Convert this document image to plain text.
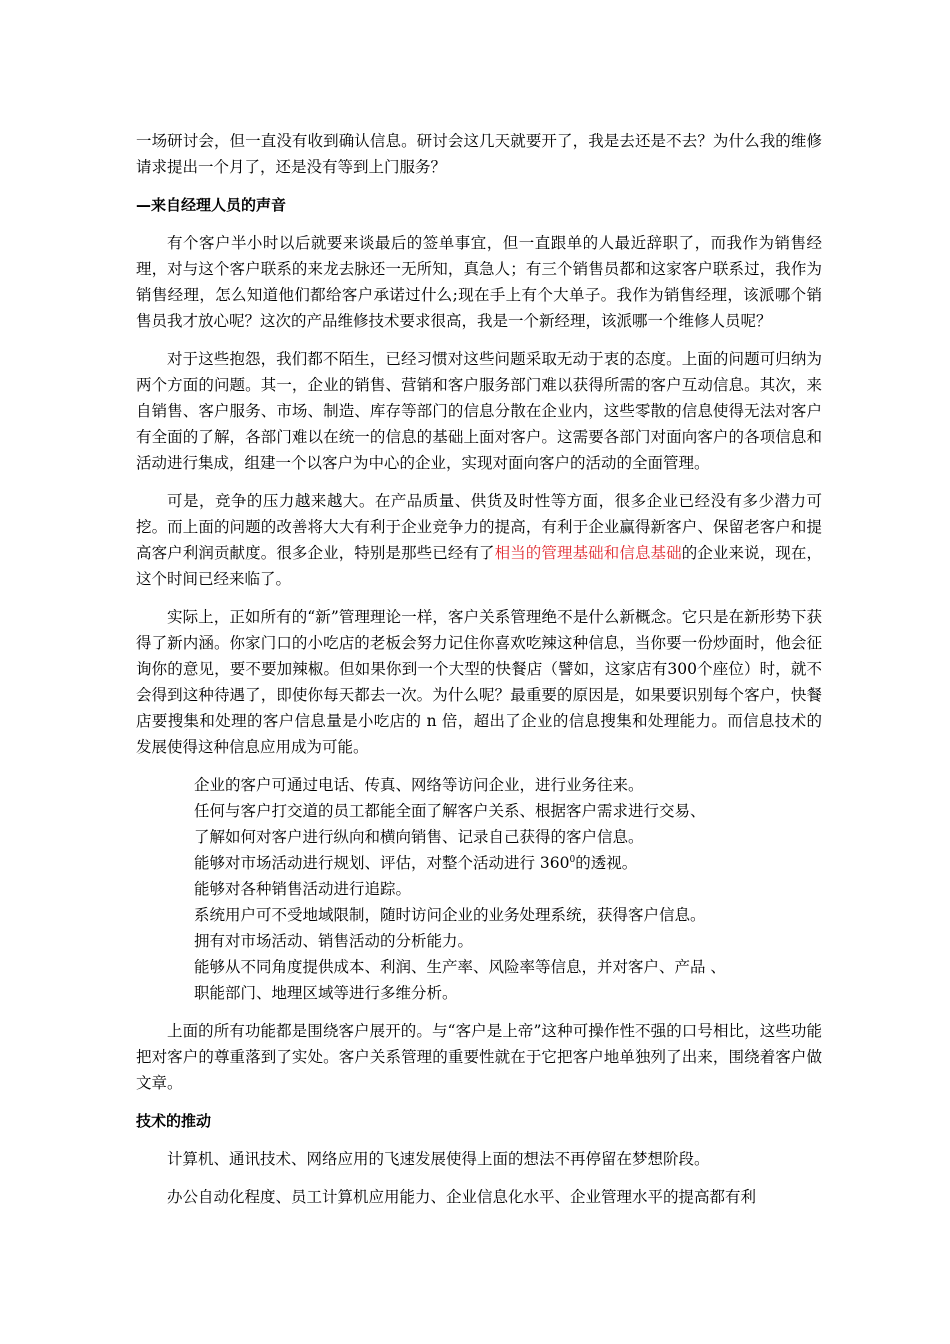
一场研讨会，但一直没有收到确认信息。研讨会这几天就要开了，我是去还是不去？为什么我的维修请求提出一个月了，还是没有等到上门服务？

—来自经理人员的声音

有个客户半小时以后就要来谈最后的签单事宜，但一直跟单的人最近辞职了，而我作为销售经理，对与这个客户联系的来龙去脉还一无所知，真急人；有三个销售员都和这家客户联系过，我作为销售经理，怎么知道他们都给客户承诺过什么;现在手上有个大单子。我作为销售经理，该派哪个销售员我才放心呢？这次的产品维修技术要求很高，我是一个新经理，该派哪一个维修人员呢？

对于这些抱怨，我们都不陌生，已经习惯对这些问题采取无动于衷的态度。上面的问题可归纳为两个方面的问题。其一，企业的销售、营销和客户服务部门难以获得所需的客户互动信息。其次，来自销售、客户服务、市场、制造、库存等部门的信息分散在企业内，这些零散的信息使得无法对客户有全面的了解，各部门难以在统一的信息的基础上面对客户。这需要各部门对面向客户的各项信息和活动进行集成，组建一个以客户为中心的企业，实现对面向客户的活动的全面管理。

可是，竞争的压力越来越大。在产品质量、供货及时性等方面，很多企业已经没有多少潜力可挖。而上面的问题的改善将大大有利于企业竞争力的提高，有利于企业赢得新客户、保留老客户和提高客户利润贡献度。很多企业，特别是那些已经有了相当的管理基础和信息基础的企业来说，现在，这个时间已经来临了。

实际上，正如所有的“新”管理理论一样，客户关系管理绝不是什么新概念。它只是在新形势下获得了新内涵。你家门口的小吃店的老板会努力记住你喜欢吃辣这种信息，当你要一份炒面时，他会征询你的意见，要不要加辣椒。但如果你到一个大型的快餐店（譬如，这家店有300个座位）时，就不会得到这种待遇了，即使你每天都去一次。为什么呢？最重要的原因是，如果要识别每个客户，快餐店要搜集和处理的客户信息量是小吃店的 n 倍，超出了企业的信息搜集和处理能力。而信息技术的发展使得这种信息应用成为可能。

企业的客户可通过电话、传真、网络等访问企业，进行业务往来。
任何与客户打交道的员工都能全面了解客户关系、根据客户需求进行交易、
了解如何对客户进行纵向和横向销售、记录自己获得的客户信息。
能够对市场活动进行规划、评估，对整个活动进行 $360^0$的透视。
能够对各种销售活动进行追踪。
系统用户可不受地域限制，随时访问企业的业务处理系统，获得客户信息。
拥有对市场活动、销售活动的分析能力。
能够从不同角度提供成本、利润、生产率、风险率等信息，并对客户、产品 、
职能部门、地理区域等进行多维分析。

上面的所有功能都是围绕客户展开的。与“客户是上帝”这种可操作性不强的口号相比，这些功能把对客户的尊重落到了实处。客户关系管理的重要性就在于它把客户地单独列了出来，围绕着客户做文章。

技术的推动

计算机、通讯技术、网络应用的飞速发展使得上面的想法不再停留在梦想阶段。

办公自动化程度、员工计算机应用能力、企业信息化水平、企业管理水平的提高都有利
